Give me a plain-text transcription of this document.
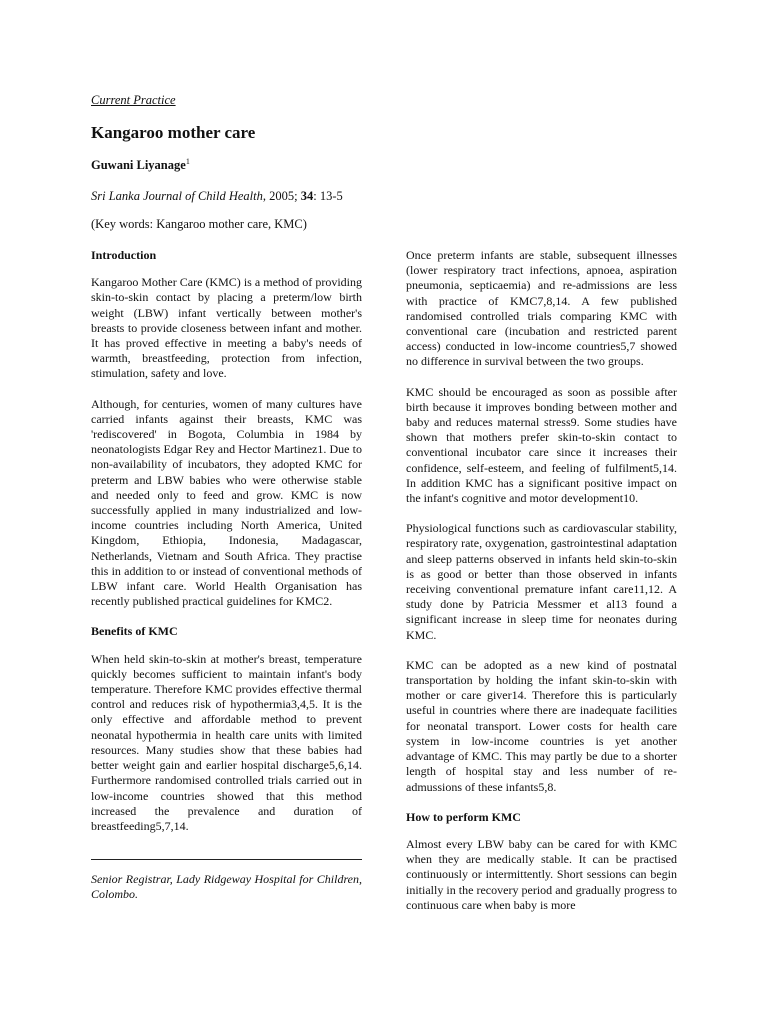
Current Practice
Kangaroo mother care
Guwani Liyanage$^1$
Sri Lanka Journal of Child Health, 2005; 34: 13-5
(Key words: Kangaroo mother care, KMC)
Introduction

Kangaroo Mother Care (KMC) is a method of providing skin-to-skin contact by placing a preterm/low birth weight (LBW) infant vertically between mother's breasts to provide closeness between infant and mother. It has proved effective in meeting a baby's needs of warmth, breastfeeding, protection from infection, stimulation, safety and love.

Although, for centuries, women of many cultures have carried infants against their breasts, KMC was 'rediscovered' in Bogota, Columbia in 1984 by neonatologists Edgar Rey and Hector Martinez1. Due to non-availability of incubators, they adopted KMC for preterm and LBW babies who were otherwise stable and needed only to feed and grow. KMC is now successfully applied in many industrialized and low-income countries including North America, United Kingdom, Ethiopia, Indonesia, Madagascar, Netherlands, Vietnam and South Africa. They practise this in addition to or instead of conventional methods of LBW infant care. World Health Organisation has recently published practical guidelines for KMC2.

Benefits of KMC

When held skin-to-skin at mother's breast, temperature quickly becomes sufficient to maintain infant's body temperature. Therefore KMC provides effective thermal control and reduces risk of hypothermia3,4,5. It is the only effective and affordable method to prevent neonatal hypothermia in health care units with limited resources. Many studies show that these babies had better weight gain and earlier hospital discharge5,6,14. Furthermore randomised controlled trials carried out in low-income countries showed that this method increased the prevalence and duration of breastfeeding5,7,14.

Senior Registrar, Lady Ridgeway Hospital for Children, Colombo.

Once preterm infants are stable, subsequent illnesses (lower respiratory tract infections, apnoea, aspiration pneumonia, septicaemia) and re-admissions are less with practice of KMC7,8,14. A few published randomised controlled trials comparing KMC with conventional care (incubation and restricted parent access) conducted in low-income countries5,7 showed no difference in survival between the two groups.

KMC should be encouraged as soon as possible after birth because it improves bonding between mother and baby and reduces maternal stress9. Some studies have shown that mothers prefer skin-to-skin contact to conventional incubator care since it increases their confidence, self-esteem, and feeling of fulfilment5,14. In addition KMC has a significant positive impact on the infant's cognitive and motor development10.

Physiological functions such as cardiovascular stability, respiratory rate, oxygenation, gastrointestinal adaptation and sleep patterns observed in infants held skin-to-skin is as good or better than those observed in infants receiving conventional premature infant care11,12. A study done by Patricia Messmer et al13 found a significant increase in sleep time for neonates during KMC.

KMC can be adopted as a new kind of postnatal transportation by holding the infant skin-to-skin with mother or care giver14. Therefore this is particularly useful in countries where there are inadequate facilities for neonatal transport. Lower costs for health care system in low-income countries is yet another advantage of KMC. This may partly be due to a shorter length of hospital stay and less number of re-admussions of these infants5,8.

How to perform KMC

Almost every LBW baby can be cared for with KMC when they are medically stable. It can be practised continuously or intermittently. Short sessions can begin initially in the recovery period and gradually progress to continuous care when baby is more
